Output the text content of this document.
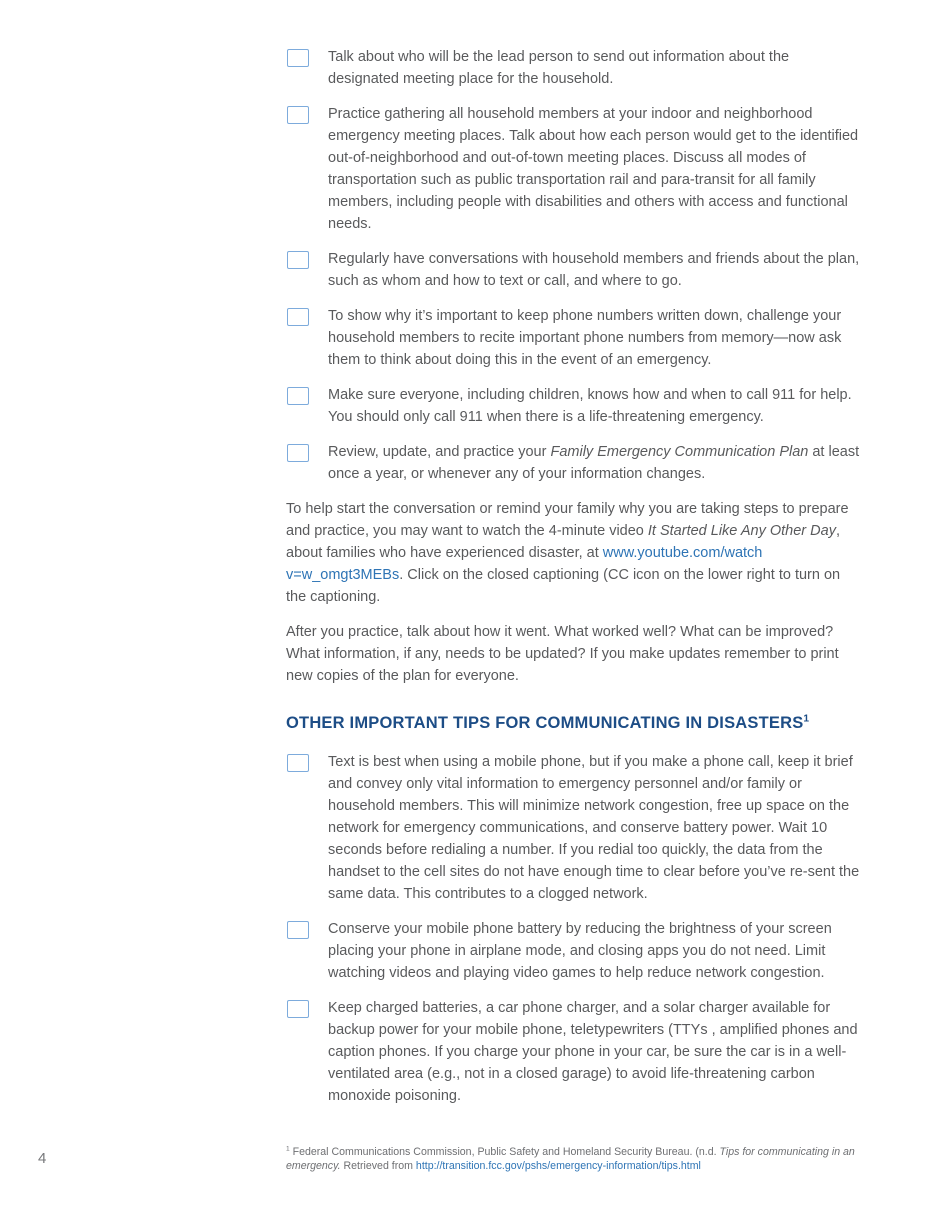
Talk about who will be the lead person to send out information about the designated meeting place for the household.

Practice gathering all household members at your indoor and neighborhood emergency meeting places. Talk about how each person would get to the identified out-of-neighborhood and out-of-town meeting places. Discuss all modes of transportation such as public transportation rail and para-transit for all family members, including people with disabilities and others with access and functional needs.

Regularly have conversations with household members and friends about the plan, such as whom and how to text or call, and where to go.

To show why it’s important to keep phone numbers written down, challenge your household members to recite important phone numbers from memory—now ask them to think about doing this in the event of an emergency.

Make sure everyone, including children, knows how and when to call 911 for help. You should only call 911 when there is a life-threatening emergency.

Review, update, and practice your Family Emergency Communication Plan at least once a year, or whenever any of your information changes.

To help start the conversation or remind your family why you are taking steps to prepare and practice, you may want to watch the 4-minute video It Started Like Any Other Day, about families who have experienced disaster, at www.youtube.com/watch v=w_omgt3MEBs. Click on the closed captioning (CC icon on the lower right to turn on the captioning.

After you practice, talk about how it went. What worked well? What can be improved? What information, if any, needs to be updated? If you make updates remember to print new copies of the plan for everyone.

OTHER IMPORTANT TIPS FOR COMMUNICATING IN DISASTERS$^1$

Text is best when using a mobile phone, but if you make a phone call, keep it brief and convey only vital information to emergency personnel and/or family or household members. This will minimize network congestion, free up space on the network for emergency communications, and conserve battery power. Wait 10 seconds before redialing a number. If you redial too quickly, the data from the handset to the cell sites do not have enough time to clear before you’ve re-sent the same data. This contributes to a clogged network.

Conserve your mobile phone battery by reducing the brightness of your screen placing your phone in airplane mode, and closing apps you do not need. Limit watching videos and playing video games to help reduce network congestion.

Keep charged batteries, a car phone charger, and a solar charger available for backup power for your mobile phone, teletypewriters (TTYs , amplified phones and caption phones. If you charge your phone in your car, be sure the car is in a well-ventilated area (e.g., not in a closed garage) to avoid life-threatening carbon monoxide poisoning.

$^1$ Federal Communications Commission, Public Safety and Homeland Security Bureau. (n.d. Tips for communicating in an emergency. Retrieved from http://transition.fcc.gov/pshs/emergency-information/tips.html
4
